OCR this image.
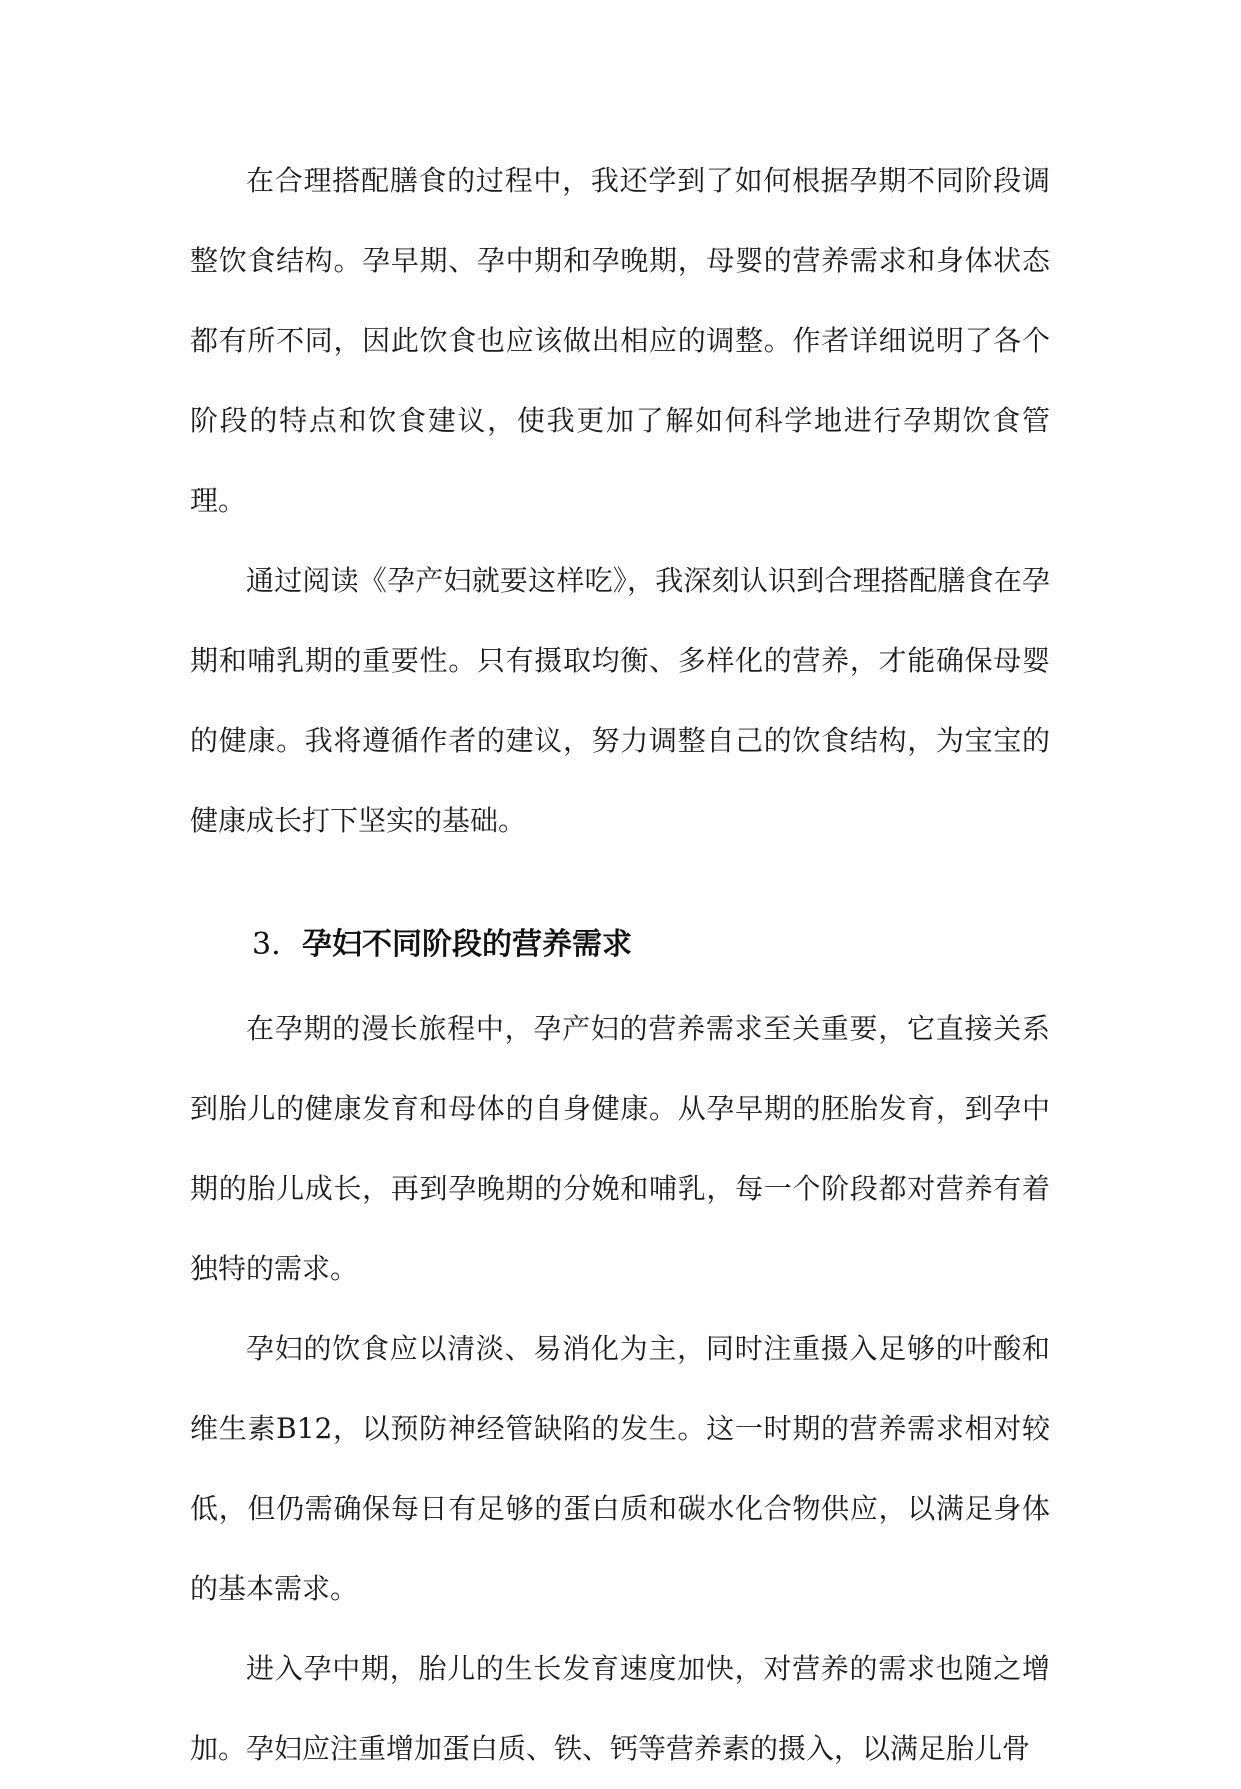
在合理搭配膳食的过程中，我还学到了如何根据孕期不同阶段调整饮食结构。孕早期、孕中期和孕晚期，母婴的营养需求和身体状态都有所不同，因此饮食也应该做出相应的调整。作者详细说明了各个阶段的特点和饮食建议，使我更加了解如何科学地进行孕期饮食管理。

通过阅读《孕产妇就要这样吃》，我深刻认识到合理搭配膳食在孕期和哺乳期的重要性。只有摄取均衡、多样化的营养，才能确保母婴的健康。我将遵循作者的建议，努力调整自己的饮食结构，为宝宝的健康成长打下坚实的基础。

3. 孕妇不同阶段的营养需求

在孕期的漫长旅程中，孕产妇的营养需求至关重要，它直接关系到胎儿的健康发育和母体的自身健康。从孕早期的胚胎发育，到孕中期的胎儿成长，再到孕晚期的分娩和哺乳，每一个阶段都对营养有着独特的需求。

孕妇的饮食应以清淡、易消化为主，同时注重摄入足够的叶酸和维生素B12，以预防神经管缺陷的发生。这一时期的营养需求相对较低，但仍需确保每日有足够的蛋白质和碳水化合物供应，以满足身体的基本需求。

进入孕中期，胎儿的生长发育速度加快，对营养的需求也随之增加。孕妇应注重增加蛋白质、铁、钙等营养素的摄入，以满足胎儿骨
